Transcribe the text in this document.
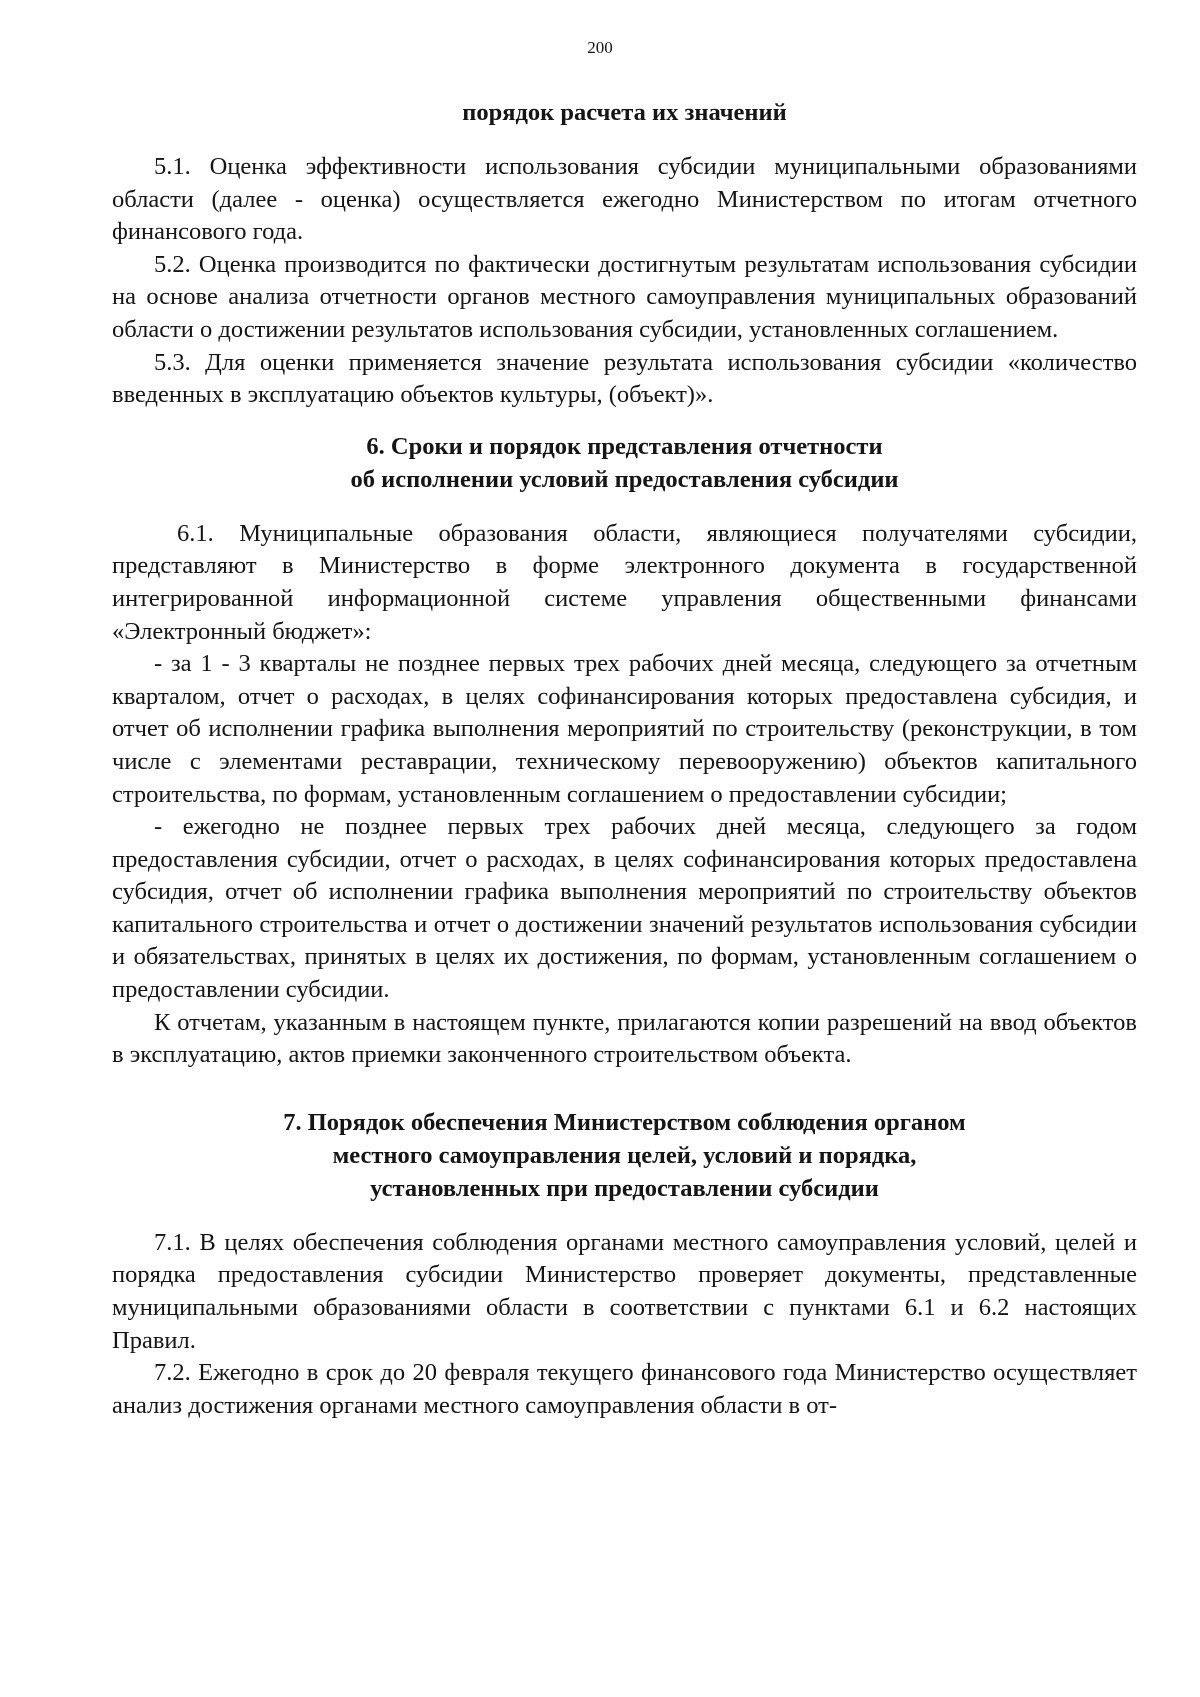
200

порядок расчета их значений

5.1. Оценка эффективности использования субсидии муниципальными образованиями области (далее - оценка) осуществляется ежегодно Министерством по итогам отчетного финансового года.

5.2. Оценка производится по фактически достигнутым результатам использования субсидии на основе анализа отчетности органов местного самоуправления муниципальных образований области о достижении результатов использования субсидии, установленных соглашением.

5.3. Для оценки применяется значение результата использования субсидии «количество введенных в эксплуатацию объектов культуры, (объект)».

6. Сроки и порядок представления отчетности

об исполнении условий предоставления субсидии

6.1. Муниципальные образования области, являющиеся получателями субсидии, представляют в Министерство в форме электронного документа в государственной интегрированной информационной системе управления общественными финансами «Электронный бюджет»:

- за 1 - 3 кварталы не позднее первых трех рабочих дней месяца, следующего за отчетным кварталом, отчет о расходах, в целях софинансирования которых предоставлена субсидия, и отчет об исполнении графика выполнения мероприятий по строительству (реконструкции, в том числе с элементами реставрации, техническому перевооружению) объектов капитального строительства, по формам, установленным соглашением о предоставлении субсидии;

- ежегодно не позднее первых трех рабочих дней месяца, следующего за годом предоставления субсидии, отчет о расходах, в целях софинансирования которых предоставлена субсидия, отчет об исполнении графика выполнения мероприятий по строительству объектов капитального строительства и отчет о достижении значений результатов использования субсидии и обязательствах, принятых в целях их достижения, по формам, установленным соглашением о предоставлении субсидии.

К отчетам, указанным в настоящем пункте, прилагаются копии разрешений на ввод объектов в эксплуатацию, актов приемки законченного строительством объекта.

7. Порядок обеспечения Министерством соблюдения органом

местного самоуправления целей, условий и порядка,

установленных при предоставлении субсидии

7.1. В целях обеспечения соблюдения органами местного самоуправления условий, целей и порядка предоставления субсидии Министерство проверяет документы, представленные муниципальными образованиями области в соответствии с пунктами 6.1 и 6.2 настоящих Правил.

7.2. Ежегодно в срок до 20 февраля текущего финансового года Министерство осуществляет анализ достижения органами местного самоуправления области в от-
